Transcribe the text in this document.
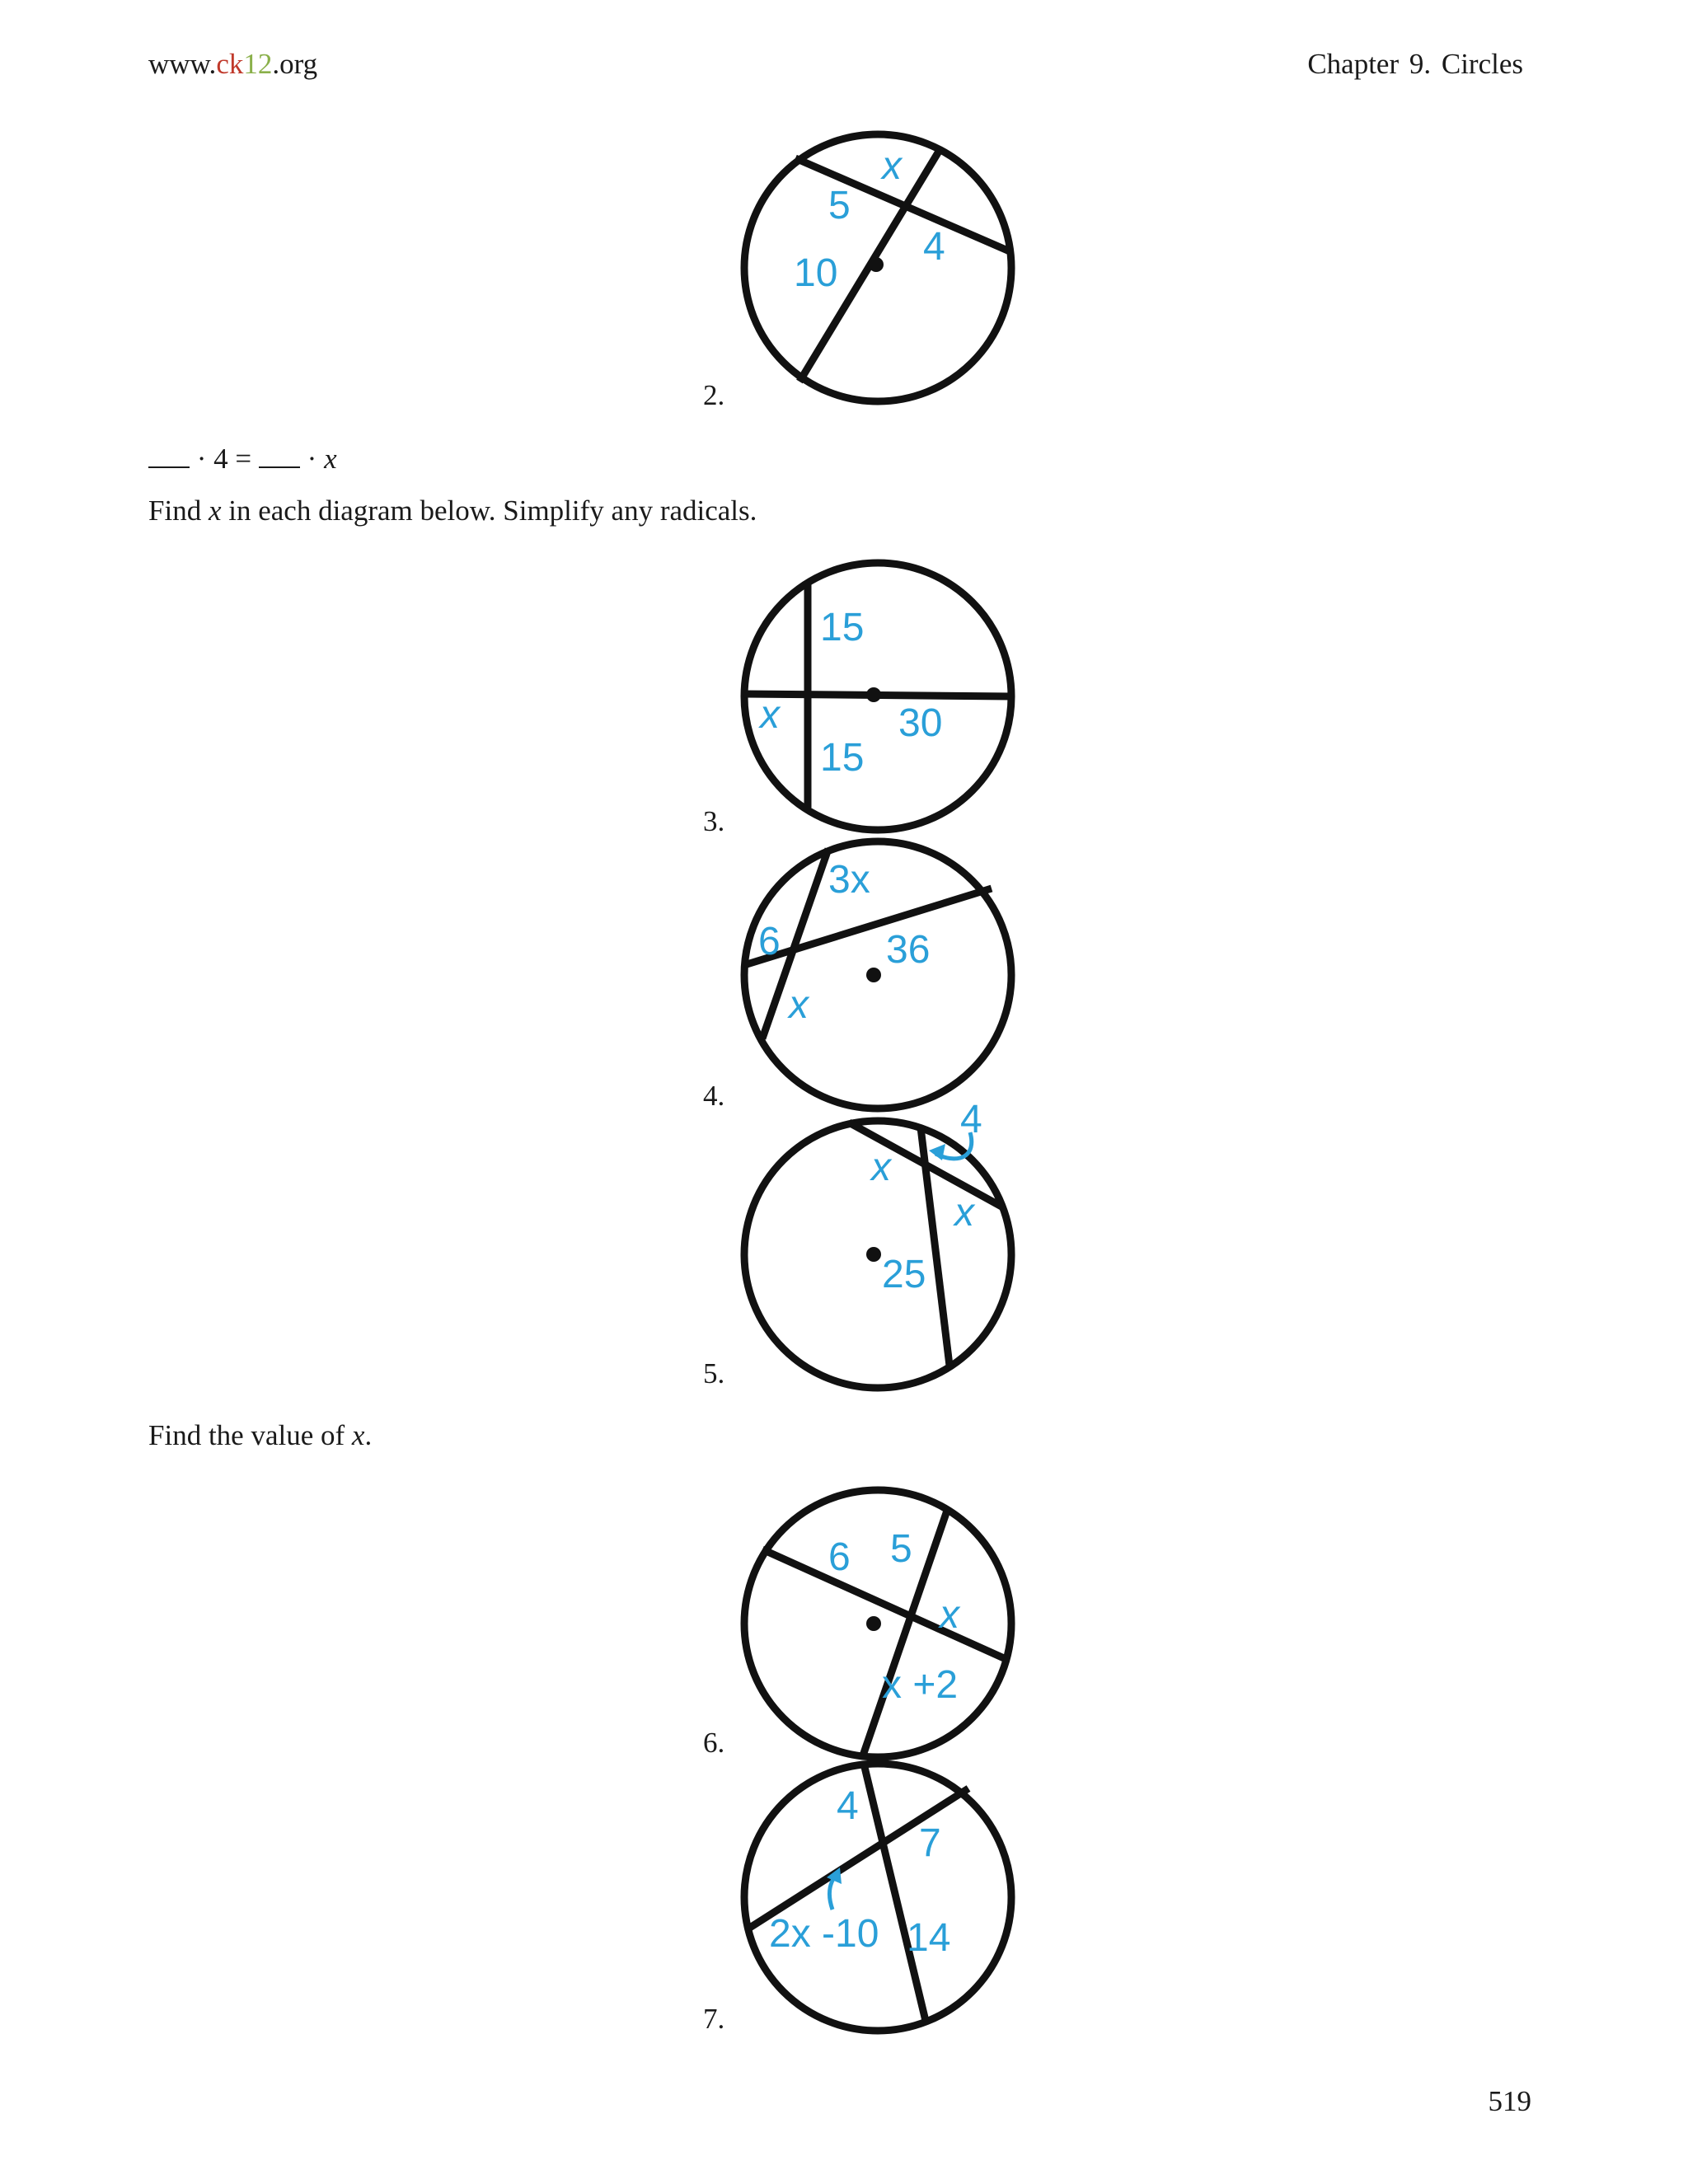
www.ck12.org	Chapter 9. Circles
2.
x
5
4
10
· 4 =  · x
Find x in each diagram below. Simplify any radicals.
3.
15
x	30
15
4.
3x
6	36
x
5.
4
x
x
25
Find the value of x.
6.
6 5
x
x +2
7.
4
7
2x -10 14
519
